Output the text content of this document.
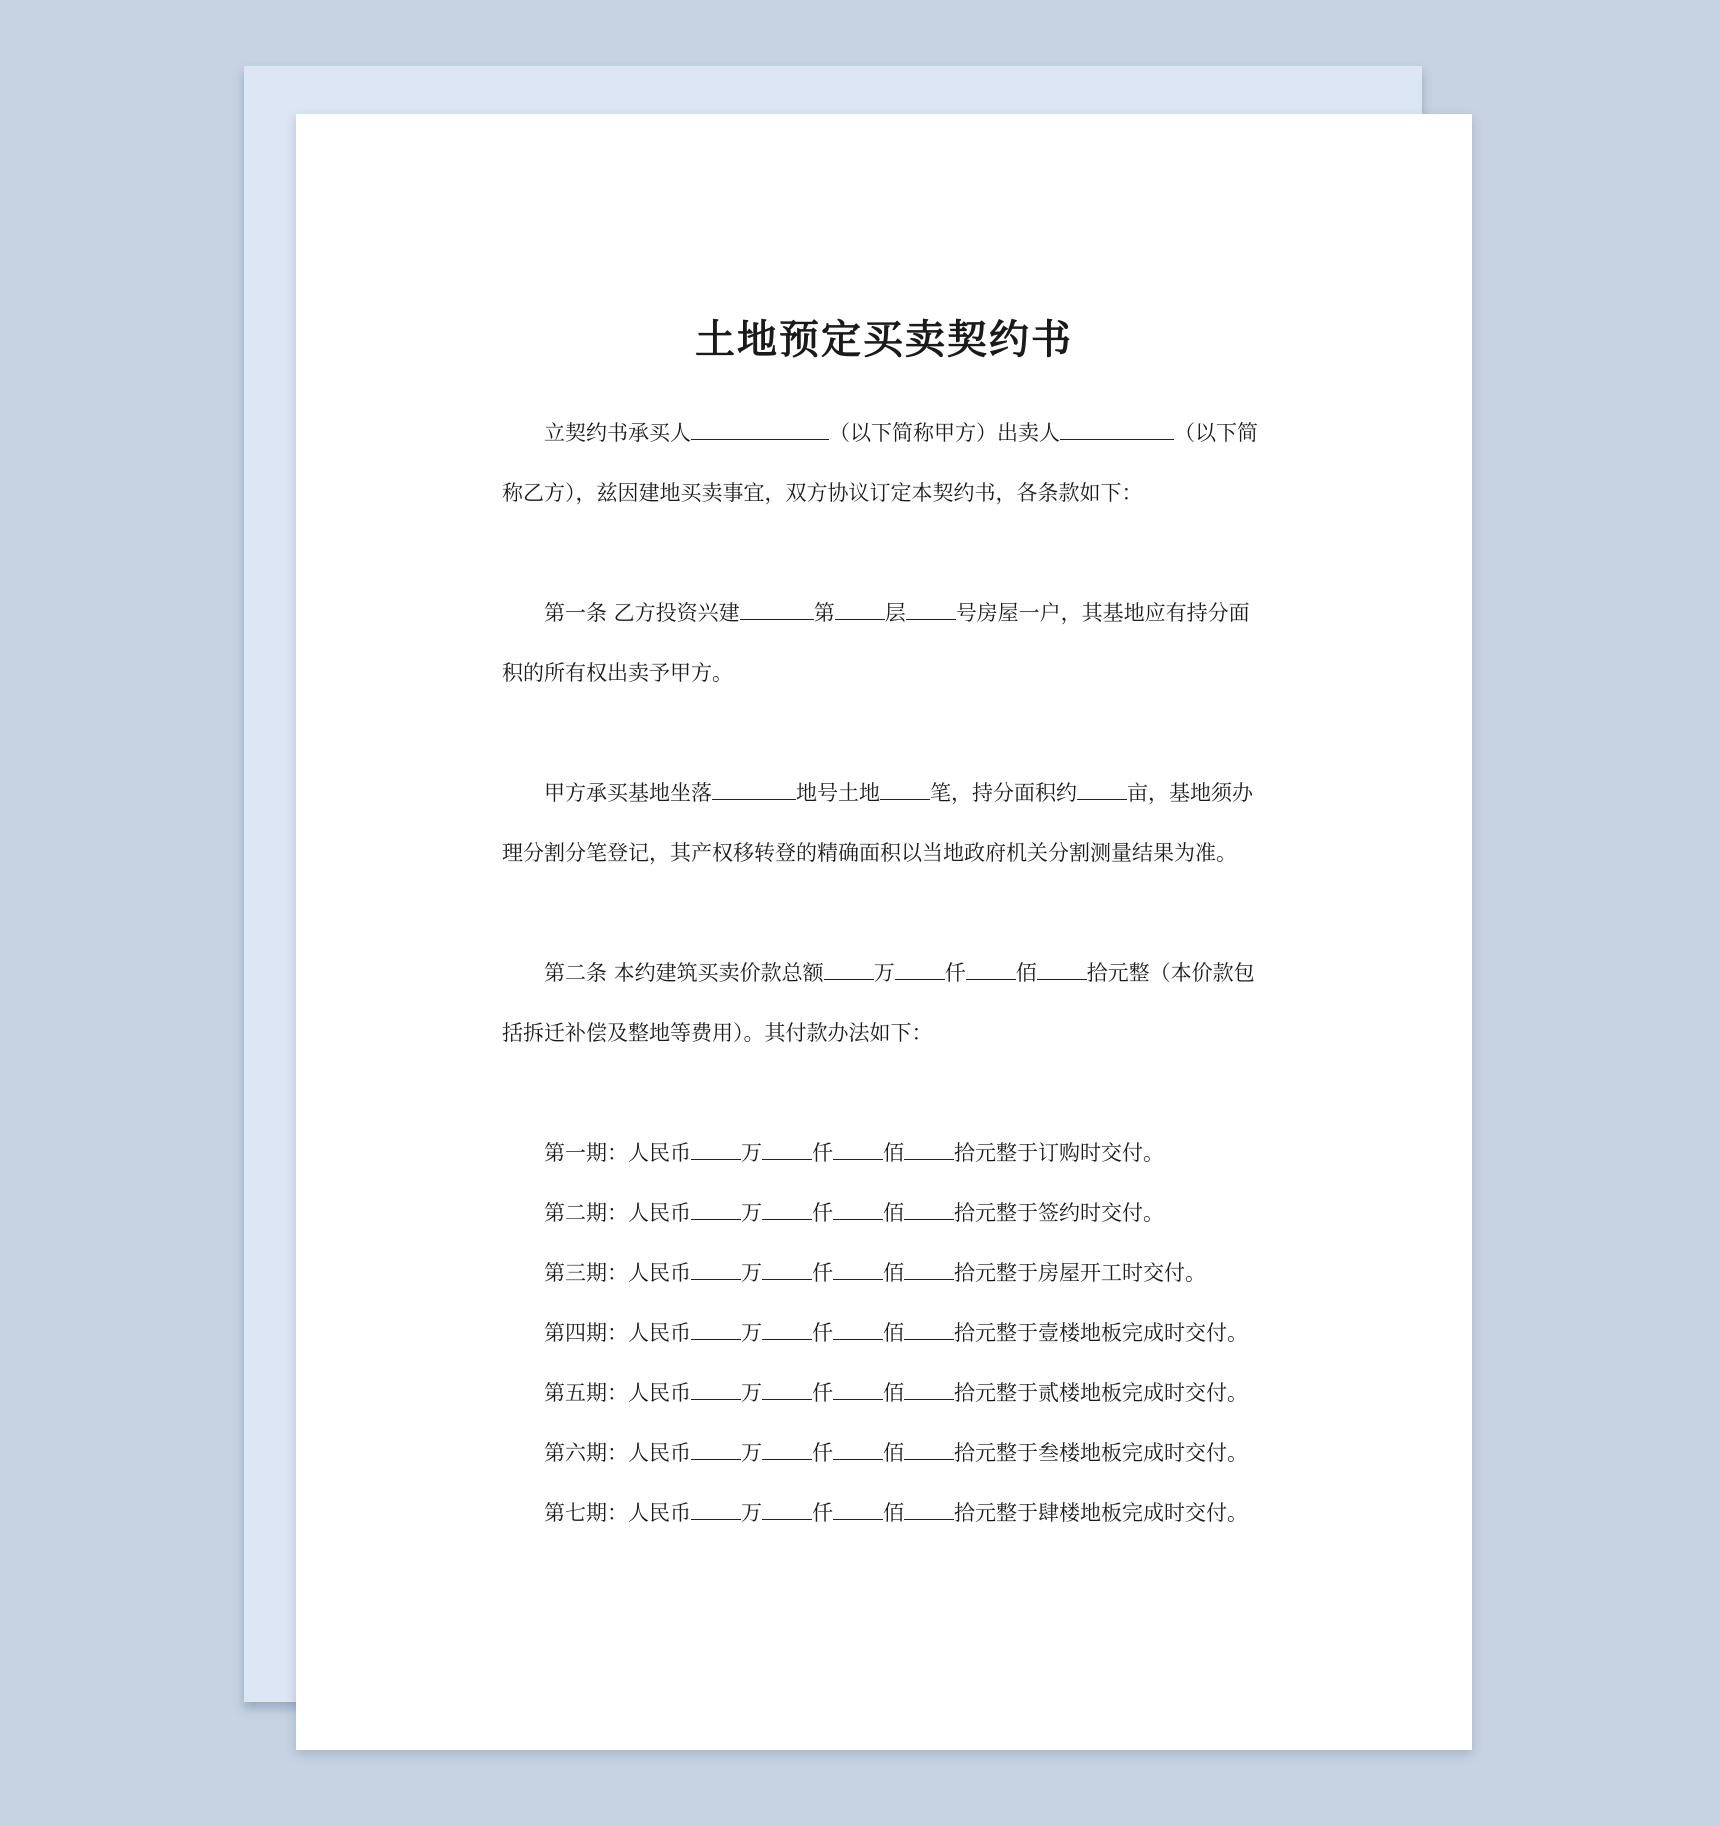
土地预定买卖契约书
立契约书承买人	（以下简称甲方）出卖人	（以下简
称乙方），兹因建地买卖事宜，双方协议订定本契约书，各条款如下：
第一条 乙方投资兴建	第 层 号房屋一户，其基地应有持分面
积的所有权出卖予甲方。
甲方承买基地坐落	地号土地 笔，持分面积约 亩，基地须办
理分割分笔登记，其产权移转登的精确面积以当地政府机关分割测量结果为准。
第二条 本约建筑买卖价款总额 万 仟 佰 拾元整（本价款包
括拆迁补偿及整地等费用）。其付款办法如下：
第一期：人民币 万 仟 佰 拾元整于订购时交付。
第二期：人民币 万 仟 佰 拾元整于签约时交付。
第三期：人民币 万 仟 佰 拾元整于房屋开工时交付。
第四期：人民币 万 仟 佰 拾元整于壹楼地板完成时交付。
第五期：人民币 万 仟 佰 拾元整于贰楼地板完成时交付。
第六期：人民币 万 仟 佰 拾元整于叁楼地板完成时交付。
第七期：人民币 万 仟 佰 拾元整于肆楼地板完成时交付。
